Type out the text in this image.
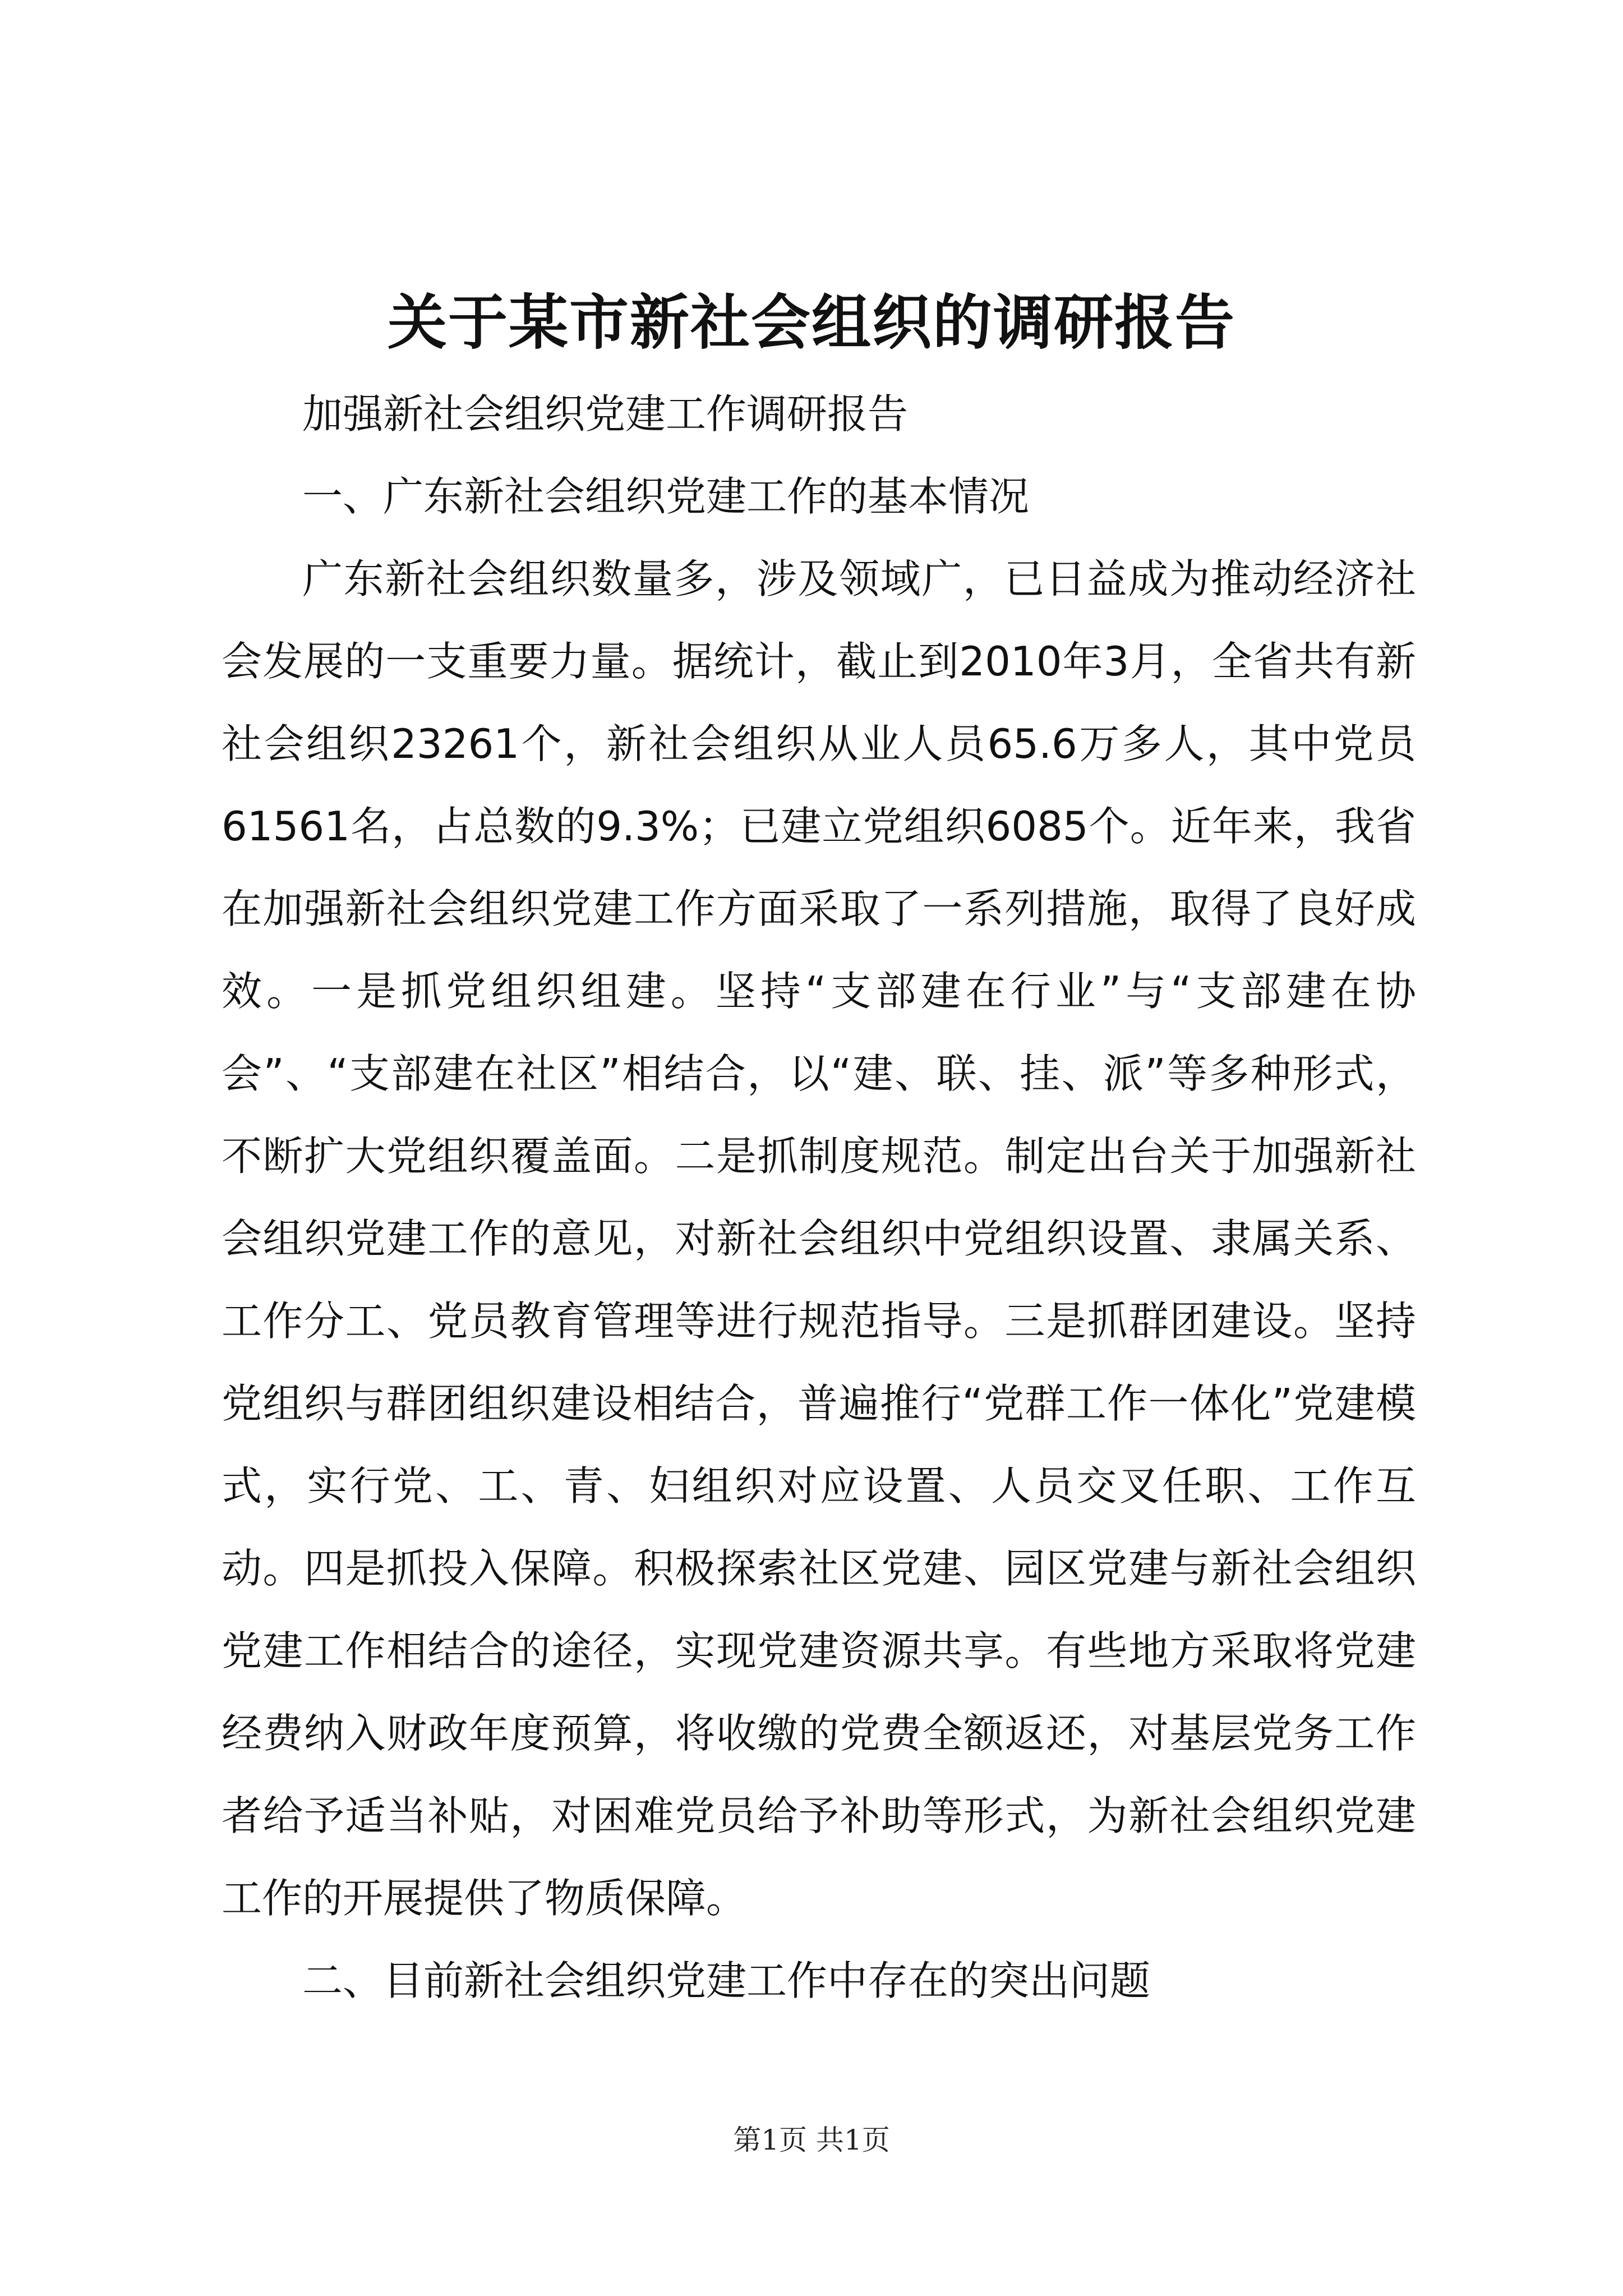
关于某市新社会组织的调研报告

加强新社会组织党建工作调研报告

一、广东新社会组织党建工作的基本情况

广东新社会组织数量多，涉及领域广，已日益成为推动经济社会发展的一支重要力量。据统计，截止到2010年3月，全省共有新社会组织23261个，新社会组织从业人员65.6万多人，其中党员61561名，占总数的9.3%；已建立党组织6085个。近年来，我省在加强新社会组织党建工作方面采取了一系列措施，取得了良好成效。一是抓党组织组建。坚持“支部建在行业”与“支部建在协会”、“支部建在社区”相结合，以“建、联、挂、派”等多种形式，不断扩大党组织覆盖面。二是抓制度规范。制定出台关于加强新社会组织党建工作的意见，对新社会组织中党组织设置、隶属关系、工作分工、党员教育管理等进行规范指导。三是抓群团建设。坚持党组织与群团组织建设相结合，普遍推行“党群工作一体化”党建模式，实行党、工、青、妇组织对应设置、人员交叉任职、工作互动。四是抓投入保障。积极探索社区党建、园区党建与新社会组织党建工作相结合的途径，实现党建资源共享。有些地方采取将党建经费纳入财政年度预算，将收缴的党费全额返还，对基层党务工作者给予适当补贴，对困难党员给予补助等形式，为新社会组织党建工作的开展提供了物质保障。

二、目前新社会组织党建工作中存在的突出问题

第1页 共1页
